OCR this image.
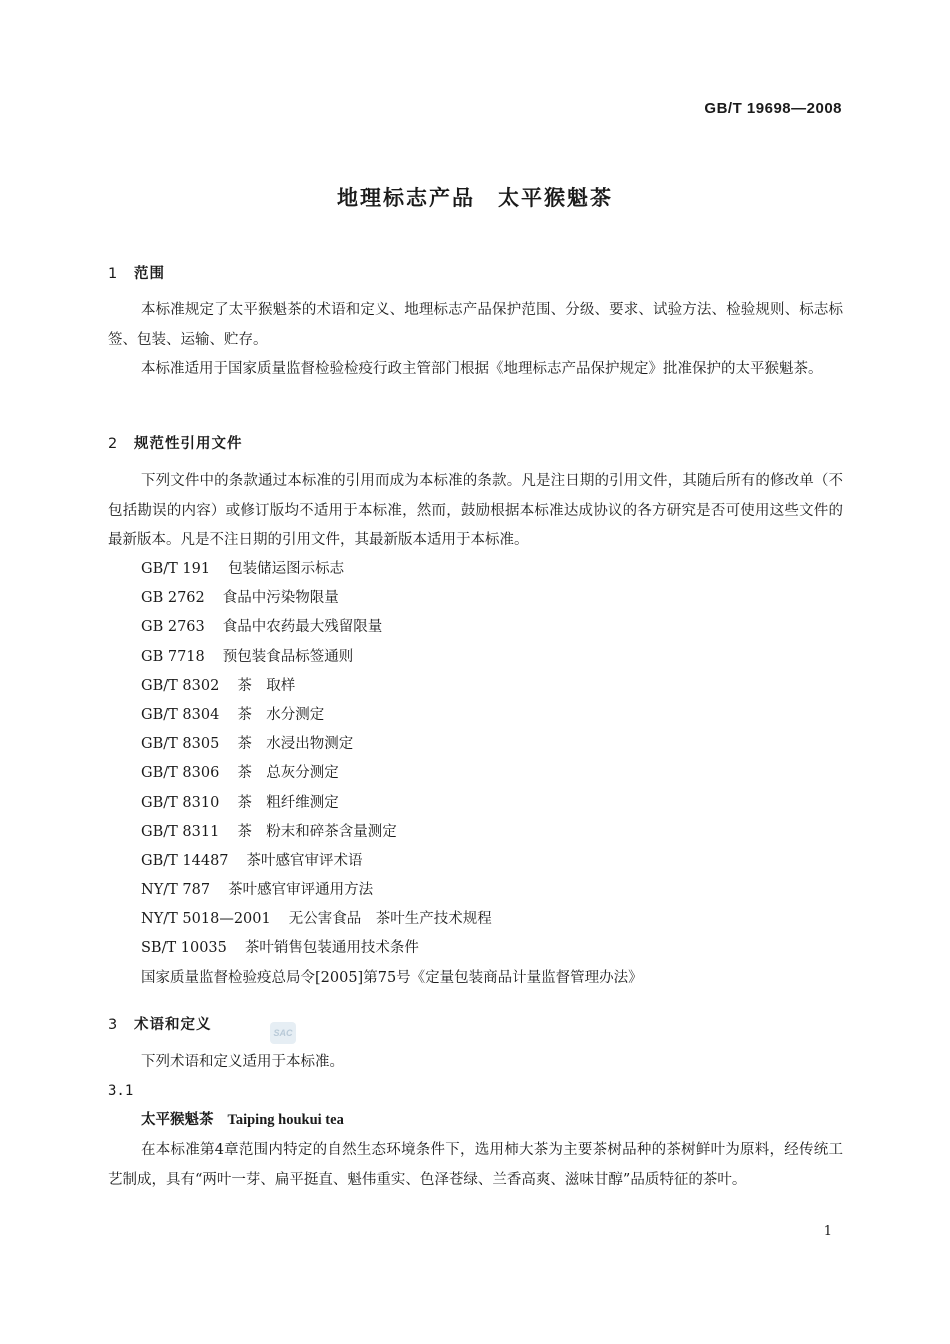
GB/T 19698—2008
地理标志产品　太平猴魁茶
1 范围

本标准规定了太平猴魁茶的术语和定义、地理标志产品保护范围、分级、要求、试验方法、检验规则、标志标签、包装、运输、贮存。

本标准适用于国家质量监督检验检疫行政主管部门根据《地理标志产品保护规定》批准保护的太平猴魁茶。

2 规范性引用文件

下列文件中的条款通过本标准的引用而成为本标准的条款。凡是注日期的引用文件，其随后所有的修改单（不包括勘误的内容）或修订版均不适用于本标准，然而，鼓励根据本标准达成协议的各方研究是否可使用这些文件的最新版本。凡是不注日期的引用文件，其最新版本适用于本标准。

GB/T 191 包装储运图示标志
GB 2762 食品中污染物限量
GB 2763 食品中农药最大残留限量
GB 7718 预包装食品标签通则
GB/T 8302 茶　取样
GB/T 8304 茶　水分测定
GB/T 8305 茶　水浸出物测定
GB/T 8306 茶　总灰分测定
GB/T 8310 茶　粗纤维测定
GB/T 8311 茶　粉末和碎茶含量测定
GB/T 14487 茶叶感官审评术语
NY/T 787 茶叶感官审评通用方法
NY/T 5018—2001 无公害食品　茶叶生产技术规程
SB/T 10035 茶叶销售包装通用技术条件
国家质量监督检验疫总局令[2005]第75号《定量包装商品计量监督管理办法》
3 术语和定义	SAC

下列术语和定义适用于本标准。

3.1
太平猴魁茶 Taiping houkui tea

在本标准第4章范围内特定的自然生态环境条件下，选用柿大茶为主要茶树品种的茶树鲜叶为原料，经传统工艺制成，具有“两叶一芽、扁平挺直、魁伟重实、色泽苍绿、兰香高爽、滋味甘醇”品质特征的茶叶。

1
